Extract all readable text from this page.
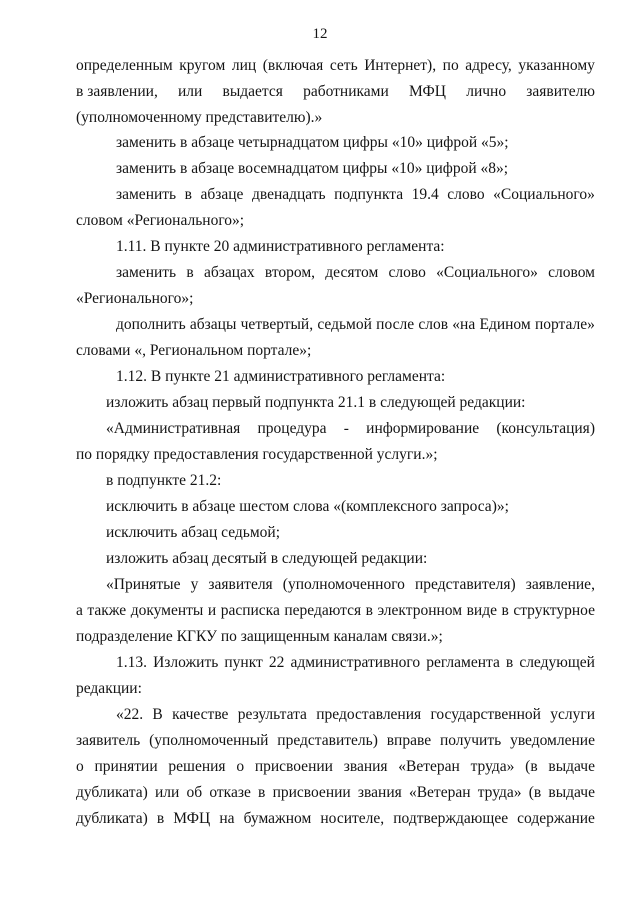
12
определенным кругом лиц (включая сеть Интернет), по адресу, указанному
в заявлении, или выдается работниками МФЦ лично заявителю
(уполномоченному представителю).»
заменить в абзаце четырнадцатом цифры «10» цифрой «5»;
заменить в абзаце восемнадцатом цифры «10» цифрой «8»;
заменить в абзаце двенадцать подпункта 19.4 слово «Социального»
словом «Регионального»;
1.11. В пункте 20 административного регламента:
заменить в абзацах втором, десятом слово «Социального» словом
«Регионального»;
дополнить абзацы четвертый, седьмой после слов «на Едином портале»
словами «, Региональном портале»;
1.12. В пункте 21 административного регламента:
изложить абзац первый подпункта 21.1 в следующей редакции:
«Административная процедура - информирование (консультация)
по порядку предоставления государственной услуги.»;
в подпункте 21.2:
исключить в абзаце шестом слова «(комплексного запроса)»;
исключить абзац седьмой;
изложить абзац десятый в следующей редакции:
«Принятые у заявителя (уполномоченного представителя) заявление,
а также документы и расписка передаются в электронном виде в структурное
подразделение КГКУ по защищенным каналам связи.»;
1.13. Изложить пункт 22 административного регламента в следующей
редакции:
«22. В качестве результата предоставления государственной услуги
заявитель (уполномоченный представитель) вправе получить уведомление
о принятии решения о присвоении звания «Ветеран труда» (в выдаче
дубликата) или об отказе в присвоении звания «Ветеран труда» (в выдаче
дубликата) в МФЦ на бумажном носителе, подтверждающее содержание
